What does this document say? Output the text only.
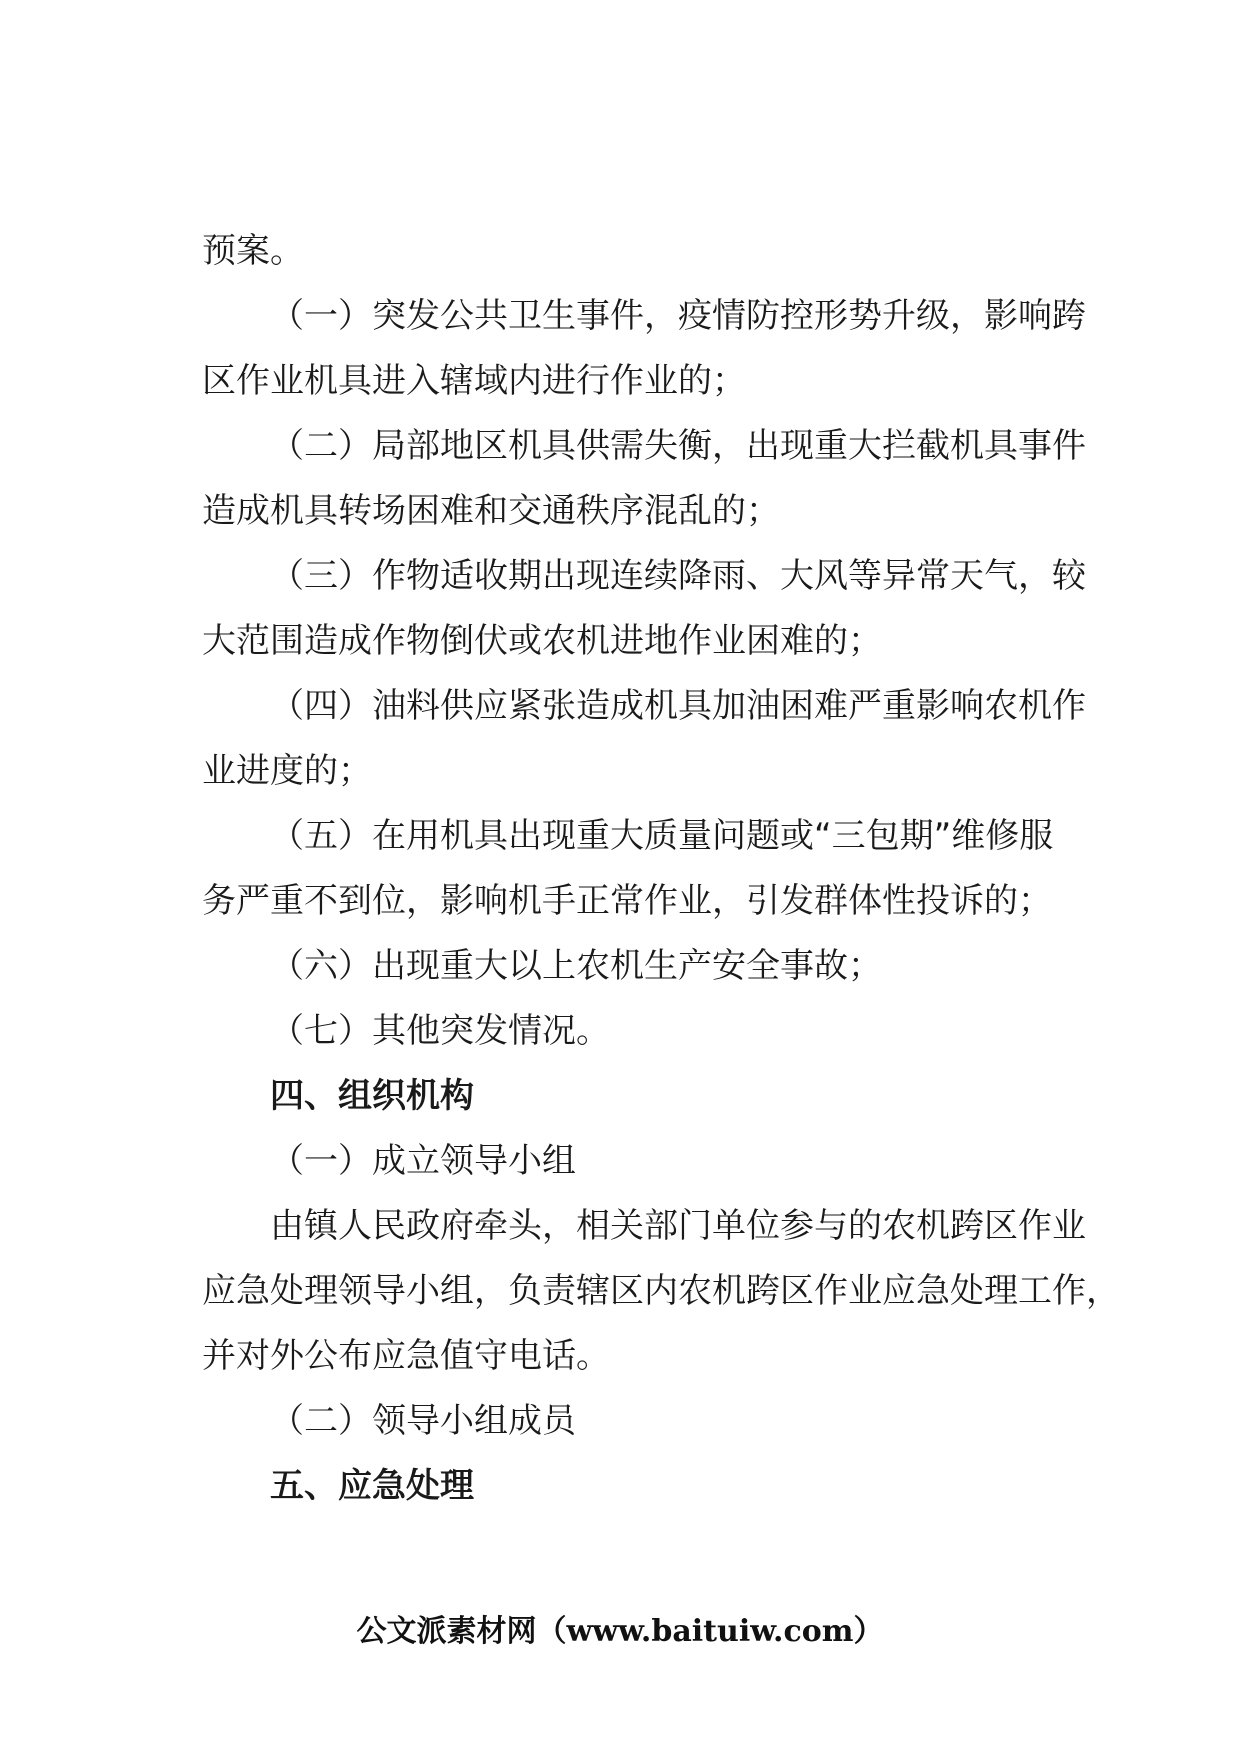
预案。
（一）突发公共卫生事件，疫情防控形势升级，影响跨
区作业机具进入辖域内进行作业的；
（二）局部地区机具供需失衡，出现重大拦截机具事件
造成机具转场困难和交通秩序混乱的；
（三）作物适收期出现连续降雨、大风等异常天气，较
大范围造成作物倒伏或农机进地作业困难的；
（四）油料供应紧张造成机具加油困难严重影响农机作
业进度的；
（五）在用机具出现重大质量问题或“三包期”维修服
务严重不到位，影响机手正常作业，引发群体性投诉的；
（六）出现重大以上农机生产安全事故；
（七）其他突发情况。
四、组织机构
（一）成立领导小组
由镇人民政府牵头，相关部门单位参与的农机跨区作业
应急处理领导小组，负责辖区内农机跨区作业应急处理工作，
并对外公布应急值守电话。
（二）领导小组成员
五、应急处理
公文派素材网（www.baituiw.com）
